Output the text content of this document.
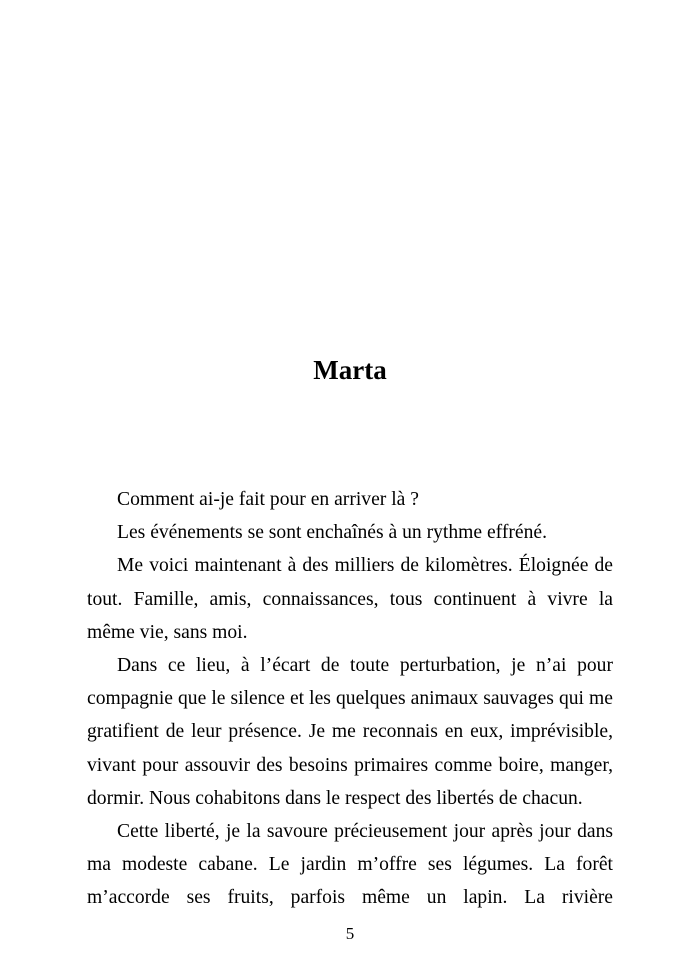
Marta

Comment ai-je fait pour en arriver là ?

Les événements se sont enchaînés à un rythme effréné.

Me voici maintenant à des milliers de kilomètres. Éloignée de tout. Famille, amis, connaissances, tous continuent à vivre la même vie, sans moi.

Dans ce lieu, à l’écart de toute perturbation, je n’ai pour compagnie que le silence et les quelques animaux sauvages qui me gratifient de leur présence. Je me reconnais en eux, imprévisible, vivant pour assouvir des besoins primaires comme boire, manger, dormir. Nous cohabitons dans le respect des libertés de chacun.

Cette liberté, je la savoure précieusement jour après jour dans ma modeste cabane. Le jardin m’offre ses légumes. La forêt m’accorde ses fruits, parfois même un lapin. La rivière

5
